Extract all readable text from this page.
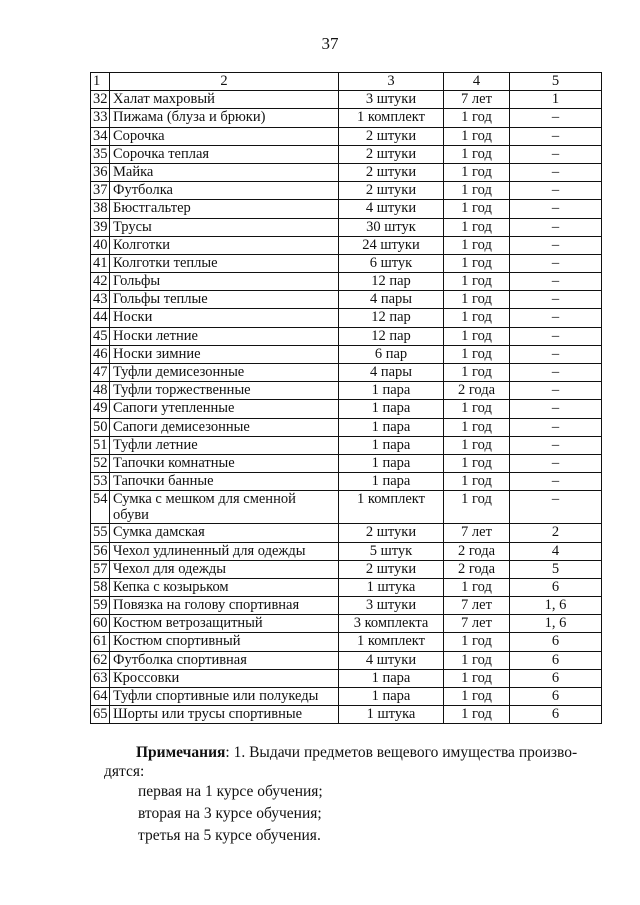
37
1	2	3	4	5
32	Халат махровый	3 штуки	7 лет	1
33	Пижама (блуза и брюки)	1 комплект	1 год	–
34	Сорочка	2 штуки	1 год	–
35	Сорочка теплая	2 штуки	1 год	–
36	Майка	2 штуки	1 год	–
37	Футболка	2 штуки	1 год	–
38	Бюстгальтер	4 штуки	1 год	–
39	Трусы	30 штук	1 год	–
40	Колготки	24 штуки	1 год	–
41	Колготки теплые	6 штук	1 год	–
42	Гольфы	12 пар	1 год	–
43	Гольфы теплые	4 пары	1 год	–
44	Носки	12 пар	1 год	–
45	Носки летние	12 пар	1 год	–
46	Носки зимние	6 пар	1 год	–
47	Туфли демисезонные	4 пары	1 год	–
48	Туфли торжественные	1 пара	2 года	–
49	Сапоги утепленные	1 пара	1 год	–
50	Сапоги демисезонные	1 пара	1 год	–
51	Туфли летние	1 пара	1 год	–
52	Тапочки комнатные	1 пара	1 год	–
53	Тапочки банные	1 пара	1 год	–
54	Сумка с мешком для сменной обуви	1 комплект	1 год	–
55	Сумка дамская	2 штуки	7 лет	2
56	Чехол удлиненный для одежды	5 штук	2 года	4
57	Чехол для одежды	2 штуки	2 года	5
58	Кепка с козырьком	1 штука	1 год	6
59	Повязка на голову спортивная	3 штуки	7 лет	1, 6
60	Костюм ветрозащитный	3 комплекта	7 лет	1, 6
61	Костюм спортивный	1 комплект	1 год	6
62	Футболка спортивная	4 штуки	1 год	6
63	Кроссовки	1 пара	1 год	6
64	Туфли спортивные или полукеды	1 пара	1 год	6
65	Шорты или трусы спортивные	1 штука	1 год	6

Примечания: 1. Выдачи предметов вещевого имущества произво-

дятся:

первая на 1 курсе обучения;

вторая на 3 курсе обучения;

третья на 5 курсе обучения.
